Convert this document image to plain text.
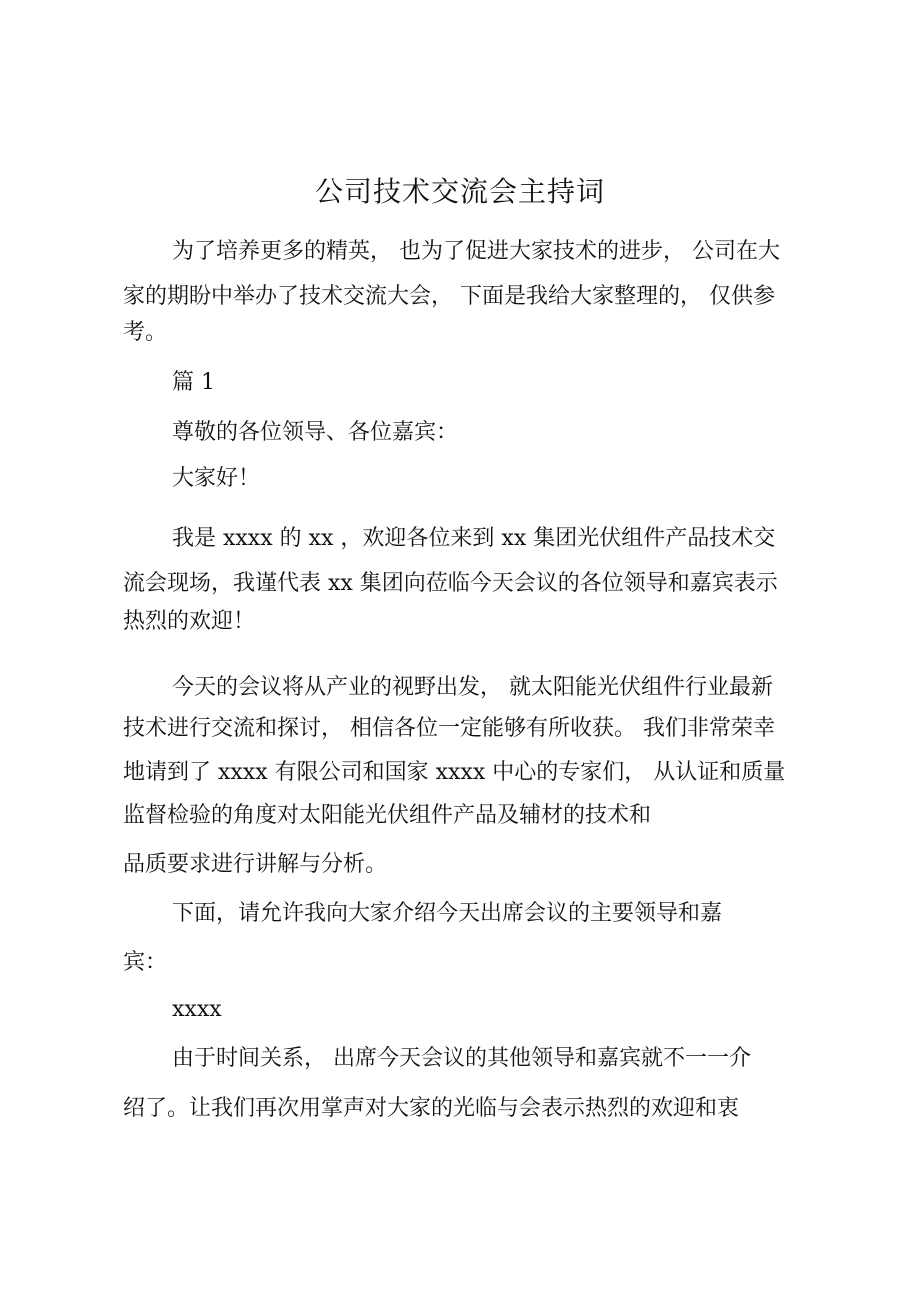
公司技术交流会主持词
为了培养更多的精英， 也为了促进大家技术的进步， 公司在大
家的期盼中举办了技术交流大会， 下面是我给大家整理的， 仅供参
考。
篇 1
尊敬的各位领导、各位嘉宾：
大家好！
我是 xxxx 的 xx ，欢迎各位来到 xx 集团光伏组件产品技术交
流会现场，我谨代表 xx 集团向莅临今天会议的各位领导和嘉宾表示
热烈的欢迎！
今天的会议将从产业的视野出发， 就太阳能光伏组件行业最新
技术进行交流和探讨， 相信各位一定能够有所收获。 我们非常荣幸
地请到了 xxxx 有限公司和国家 xxxx 中心的专家们， 从认证和质量
监督检验的角度对太阳能光伏组件产品及辅材的技术和
品质要求进行讲解与分析。
下面，请允许我向大家介绍今天出席会议的主要领导和嘉
宾：
xxxx
由于时间关系， 出席今天会议的其他领导和嘉宾就不一一介
绍了。让我们再次用掌声对大家的光临与会表示热烈的欢迎和衷
